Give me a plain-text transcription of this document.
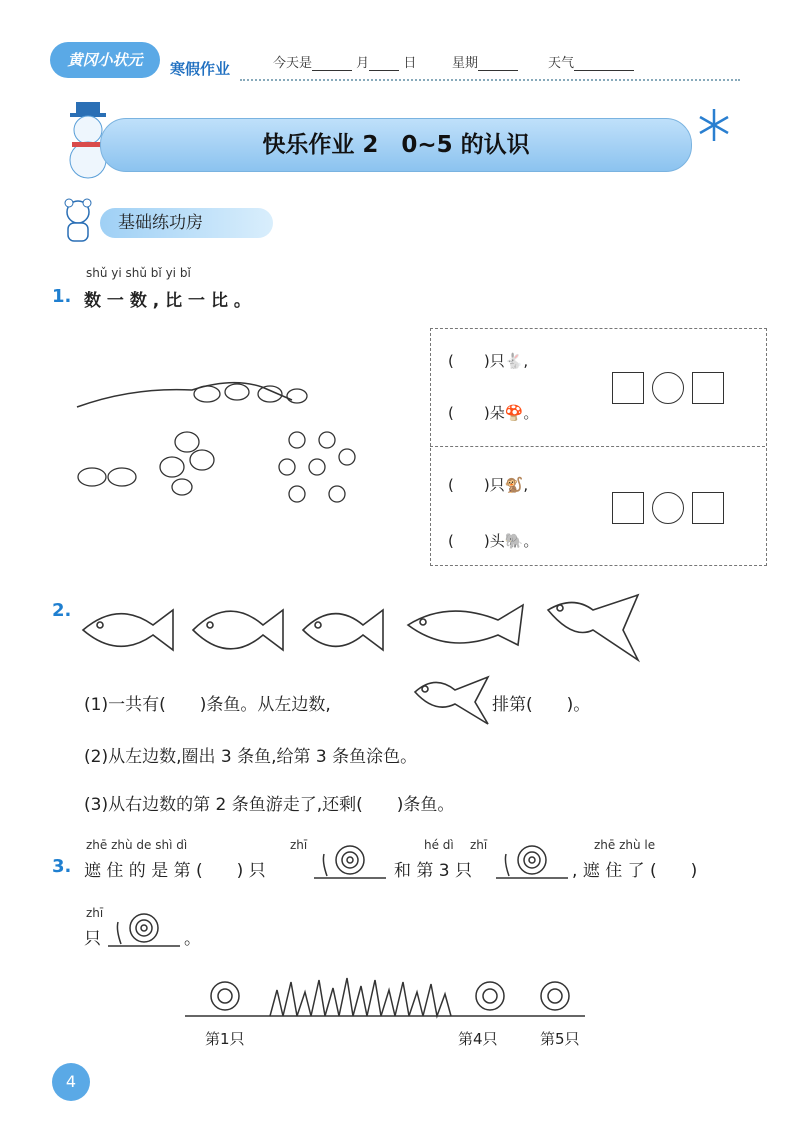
黄冈小状元	寒假作业	今天是	月	日	星期	天气
快乐作业 2　0~5 的认识
基础练功房
shǔ yi shǔ bǐ yi bǐ
1. 数 一 数 , 比 一 比 。
(　　)只🐇,
(　　)朵🍄。
(　　)只🐒,
(　　)头🐘。
2.
(1)一共有(　　)条鱼。从左边数,	排第(　　)。
(2)从左边数,圈出 3 条鱼,给第 3 条鱼涂色。
(3)从右边数的第 2 条鱼游走了,还剩(　　)条鱼。
zhē zhù de shì dì	zhī	hé dì zhī	zhē zhù le
3. 遮 住 的 是 第 (　　) 只	和 第 3 只	, 遮 住 了 (　　)
zhī
只	。
第1只	第4只	第5只
4
